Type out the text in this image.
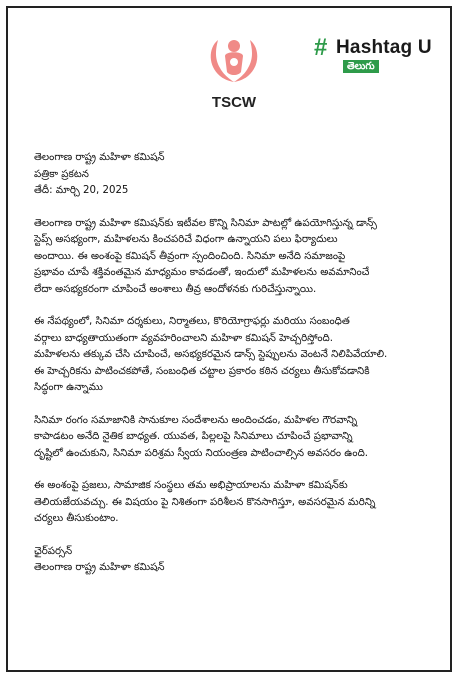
TSCW
# Hashtag U
తెలుగు
తెలంగాణ రాష్ట్ర మహిళా కమిషన్
పత్రికా ప్రకటన
తేదీ: మార్చి 20, 2025
తెలంగాణ రాష్ట్ర మహిళా కమిషన్‌కు ఇటీవల కొన్ని సినిమా పాటల్లో ఉపయోగిస్తున్న డాన్స్
స్టెప్స్ అసభ్యంగా, మహిళలను కించపరిచే విధంగా ఉన్నాయని పలు ఫిర్యాదులు
అందాయి. ఈ అంశంపై కమిషన్ తీవ్రంగా స్పందించింది. సినిమా అనేది సమాజంపై
ప్రభావం చూపే శక్తివంతమైన మాధ్యమం కావడంతో, ఇందులో మహిళలను అవమానించే
లేదా అసభ్యకరంగా చూపించే అంశాలు తీవ్ర ఆందోళనకు గురిచేస్తున్నాయి.
ఈ నేపథ్యంలో, సినిమా దర్శకులు, నిర్మాతలు, కొరియోగ్రాఫర్లు మరియు సంబంధిత
వర్గాలు బాధ్యతాయుతంగా వ్యవహరించాలని మహిళా కమిషన్ హెచ్చరిస్తోంది.
మహిళలను తక్కువ చేసి చూపించే, అసభ్యకరమైన డాన్స్ స్టెప్పులను వెంటనే నిలిపివేయాలి.
ఈ హెచ్చరికను పాటించకపోతే, సంబంధిత చట్టాల ప్రకారం కఠిన చర్యలు తీసుకోవడానికి
సిద్ధంగా ఉన్నాము
సినిమా రంగం సమాజానికి సానుకూల సందేశాలను అందించడం, మహిళల గౌరవాన్ని
కాపాడటం అనేది నైతిక బాధ్యత. యువత, పిల్లలపై సినిమాలు చూపించే ప్రభావాన్ని
దృష్టిలో ఉంచుకుని, సినిమా పరిశ్రమ స్వీయ నియంత్రణ పాటించాల్సిన అవసరం ఉంది.
ఈ అంశంపై ప్రజలు, సామాజిక సంస్థలు తమ అభిప్రాయాలను మహిళా కమిషన్‌కు
తెలియజేయవచ్చు. ఈ విషయం పై నిశితంగా పరిశీలన కొనసాగిస్తూ, అవసరమైన మరిన్ని
చర్యలు తీసుకుంటాం.
ఛైర్‌పర్సన్
తెలంగాణ రాష్ట్ర మహిళా కమిషన్
